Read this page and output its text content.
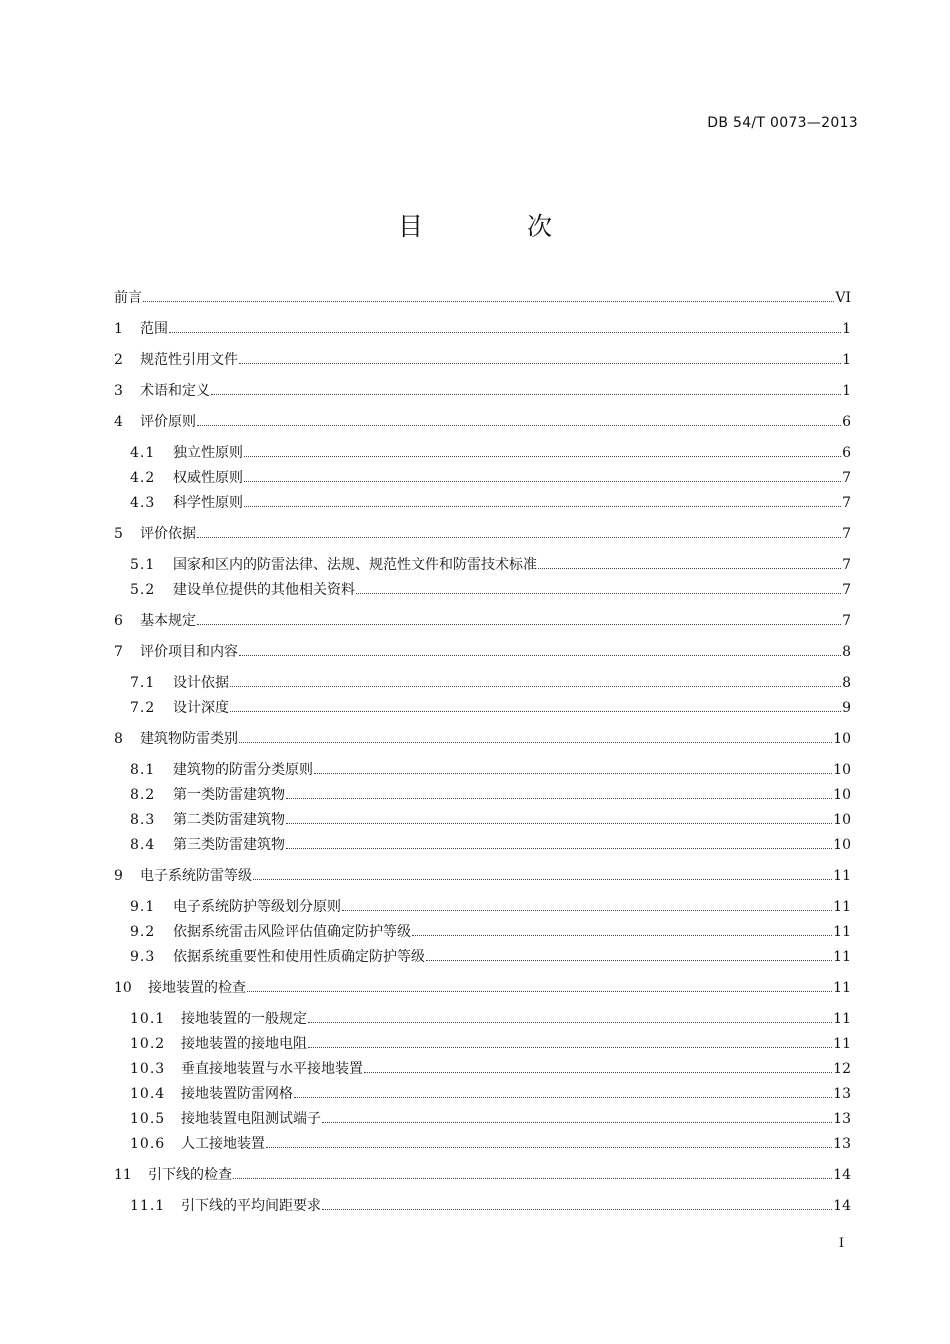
DB 54/T 0073—2013
目 次
前言	VI
1	范围	1
2	规范性引用文件	1
3	术语和定义	1
4	评价原则	6
4.1	独立性原则	6
4.2	权威性原则	7
4.3	科学性原则	7
5	评价依据	7
5.1	国家和区内的防雷法律、法规、规范性文件和防雷技术标准	7
5.2	建设单位提供的其他相关资料	7
6	基本规定	7
7	评价项目和内容	8
7.1	设计依据	8
7.2	设计深度	9
8	建筑物防雷类别	10
8.1	建筑物的防雷分类原则	10
8.2	第一类防雷建筑物	10
8.3	第二类防雷建筑物	10
8.4	第三类防雷建筑物	10
9	电子系统防雷等级	11
9.1	电子系统防护等级划分原则	11
9.2	依据系统雷击风险评估值确定防护等级	11
9.3	依据系统重要性和使用性质确定防护等级	11
10	接地装置的检查	11
10.1	接地装置的一般规定	11
10.2	接地装置的接地电阻	11
10.3	垂直接地装置与水平接地装置	12
10.4	接地装置防雷网格	13
10.5	接地装置电阻测试端子	13
10.6	人工接地装置	13
11	引下线的检查	14
11.1	引下线的平均间距要求	14
I
